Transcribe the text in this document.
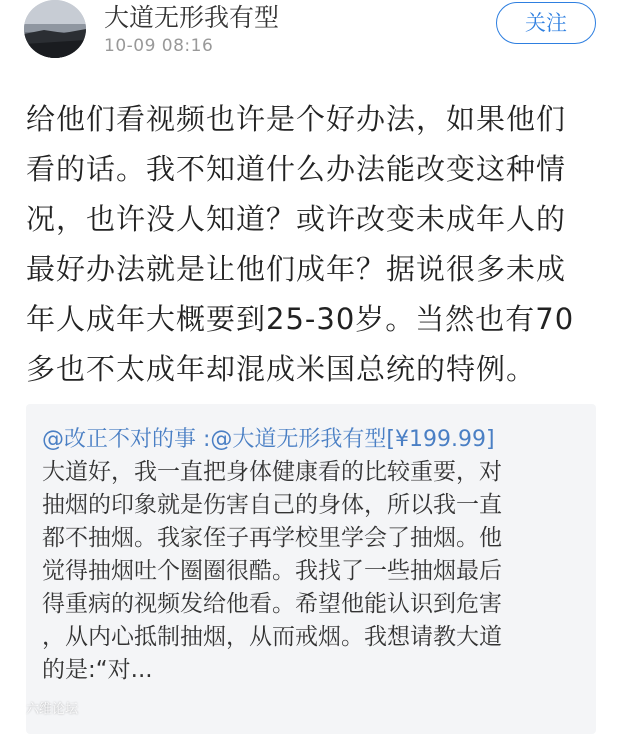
大道无形我有型
10-09 08:16
关注
给他们看视频也许是个好办法，如果他们
看的话。我不知道什么办法能改变这种情
况，也许没人知道？或许改变未成年人的
最好办法就是让他们成年？据说很多未成
年人成年大概要到25-30岁。当然也有70
多也不太成年却混成米国总统的特例。
@改正不对的事 :@大道无形我有型[¥199.99]
大道好，我一直把身体健康看的比较重要，对
抽烟的印象就是伤害自己的身体，所以我一直
都不抽烟。我家侄子再学校里学会了抽烟。他
觉得抽烟吐个圈圈很酷。我找了一些抽烟最后
得重病的视频发给他看。希望他能认识到危害
，从内心抵制抽烟，从而戒烟。我想请教大道
的是:“对...
六维论坛
